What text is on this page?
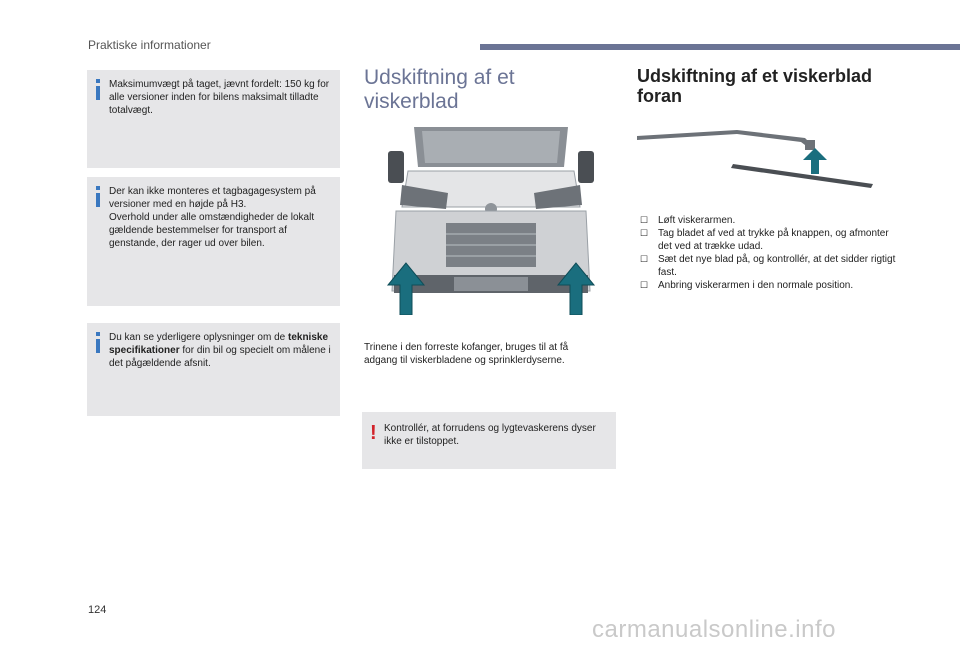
Praktiske informationer
Maksimumvægt på taget, jævnt fordelt: 150 kg for alle versioner inden for bilens maksimalt tilladte totalvægt.
Der kan ikke monteres et tagbagagesystem på versioner med en højde på H3.
Overhold under alle omstændigheder de lokalt gældende bestemmelser for transport af genstande, der rager ud over bilen.
Du kan se yderligere oplysninger om de tekniske specifikationer for din bil og specielt om målene i det pågældende afsnit.
Udskiftning af et viskerblad
Trinene i den forreste kofanger, bruges til at få adgang til viskerbladene og sprinklerdyserne.
! Kontrollér, at forrudens og lygtevaskerens dyser ikke er tilstoppet.
Udskiftning af et viskerblad foran
☐ Løft viskerarmen.
☐ Tag bladet af ved at trykke på knappen, og afmonter det ved at trække udad.
☐ Sæt det nye blad på, og kontrollér, at det sidder rigtigt fast.
☐ Anbring viskerarmen i den normale position.
124
carmanualsonline.info
